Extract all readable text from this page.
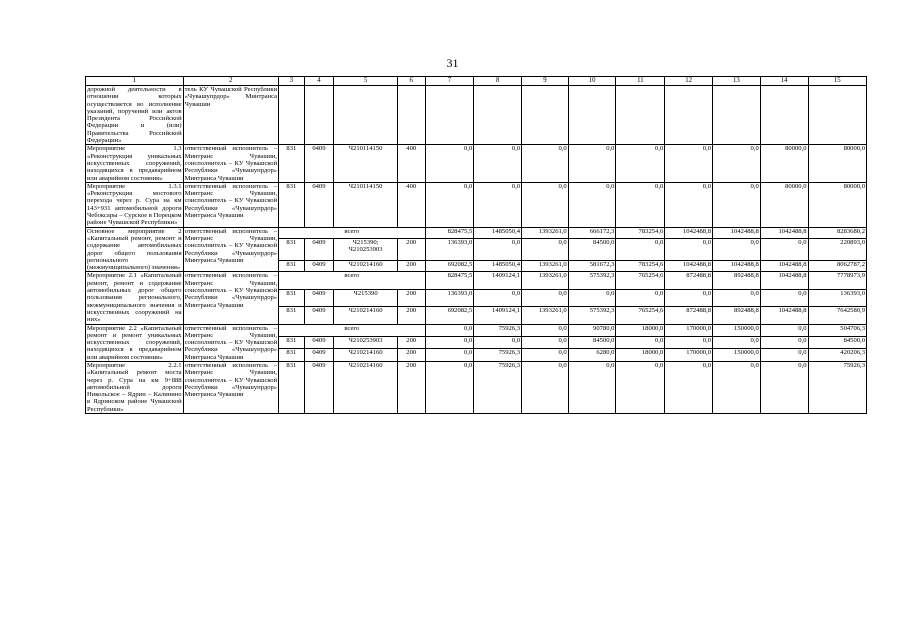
31
1	2	3	4	5	6	7	8	9	10	11	12	13	14	15
дорожной деятельности в отношении которых осуществляется во исполнение указаний, поручений или актов Президента Российской Федерации и (или) Правительства Российской Федерации»	тель КУ Чувашской Республики «Чувашупрдор» Минтранса Чувашии													
Мероприятие 1.3 «Реконструкция уникальных искусственных сооружений, находящихся в предаварийном или аварийном состоянии»	ответственный исполнитель – Минтранс Чувашии, соисполнитель – КУ Чувашской Республики «Чувашупрдор» Минтранса Чувашии	831	0409	Ч210114150	400	0,0	0,0	0,0	0,0	0,0	0,0	0,0	80000,0	80000,0
Мероприятие 1.3.1 «Реконструкция мостового перехода через р. Сура на км 143+931 автомобильной дороги Чебоксары – Сурское в Порецком районе Чувашской Республики»	ответственный исполнитель – Минтранс Чувашии, соисполнитель – КУ Чувашской Республики «Чувашупрдор» Минтранса Чувашии	831	0409	Ч210114150	400	0,0	0,0	0,0	0,0	0,0	0,0	0,0	80000,0	80000,0
Основное мероприятие 2 «Капитальный ремонт, ремонт и содержание автомобильных дорог общего пользования регионального (межмуниципального) значения»	ответственный исполнитель – Минтранс Чувашии, соисполнитель – КУ Чувашской Республики «Чувашупрдор» Минтранса Чувашии	всего				828475,5	1485050,4	1393261,0	666172,3	783254,6	1042488,8	1042488,8	1042488,8	8283680,2
		831	0409	Ч215390; Ч210253903	200	136393,0	0,0	0,0	84500,0	0,0	0,0	0,0	0,0	220893,0
		831	0409	Ч210214160	200	692082,5	1485050,4	1393261,0	581672,3	783254,6	1042488,8	1042488,8	1042488,8	8062787,2
Мероприятие 2.1 «Капитальный ремонт, ремонт и содержание автомобильных дорог общего пользования регионального, межмуниципального значения и искусственных сооружений на них»	ответственный исполнитель – Минтранс Чувашии, соисполнитель – КУ Чувашской Республики «Чувашупрдор» Минтранса Чувашии	всего				828475,5	1409124,1	1393261,0	575392,3	765254,6	872488,8	892488,8	1042488,8	7778973,9
		831	0409	Ч215390	200	136393,0	0,0	0,0	0,0	0,0	0,0	0,0	0,0	136393,0
		831	0409	Ч210214160	200	692082,5	1409124,1	1393261,0	575392,3	765254,6	872488,8	892488,8	1042488,8	7642580,9
Мероприятие 2.2 «Капитальный ремонт и ремонт уникальных искусственных сооружений, находящихся в предаварийном или аварийном состоянии»	ответственный исполнитель – Минтранс Чувашии, соисполнитель – КУ Чувашской Республики «Чувашупрдор» Минтранса Чувашии	всего				0,0	75926,3	0,0	90780,0	18000,0	170000,0	150000,0	0,0	504706,3
		831	0409	Ч210253903	200	0,0	0,0	0,0	84500,0	0,0	0,0	0,0	0,0	84500,0
		831	0409	Ч210214160	200	0,0	75926,3	0,0	6280,0	18000,0	170000,0	150000,0	0,0	420206,3
Мероприятие 2.2.1 «Капитальный ремонт моста через р. Сура на км 9+888 автомобильной дороги Никольское – Ядрин – Калинино в Ядринском районе Чувашской Республики»	ответственный исполнитель – Минтранс Чувашии, соисполнитель – КУ Чувашской Республики «Чувашупрдор» Минтранса Чувашии	831	0409	Ч210214160	200	0,0	75926,3	0,0	0,0	0,0	0,0	0,0	0,0	75926,3
